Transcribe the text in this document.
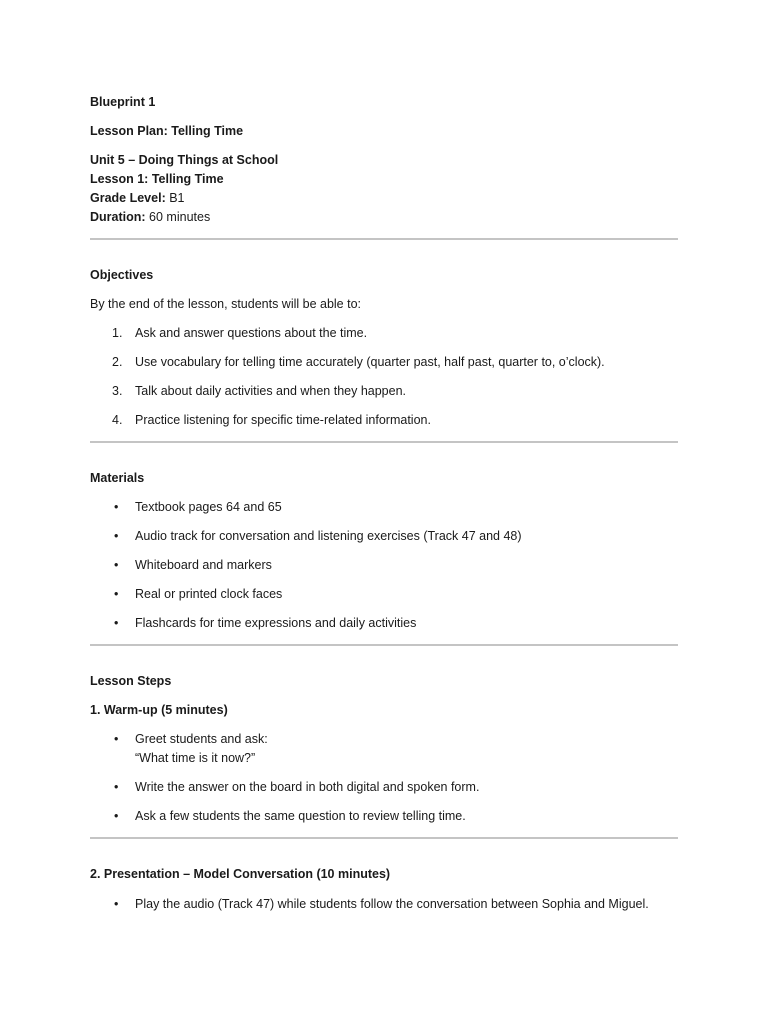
Blueprint 1

Lesson Plan: Telling Time

Unit 5 – Doing Things at School

Lesson 1: Telling Time

Grade Level: B1

Duration: 60 minutes

Objectives

By the end of the lesson, students will be able to:

1. Ask and answer questions about the time.
2. Use vocabulary for telling time accurately (quarter past, half past, quarter to, o’clock).
3. Talk about daily activities and when they happen.
4. Practice listening for specific time-related information.

Materials

• Textbook pages 64 and 65
• Audio track for conversation and listening exercises (Track 47 and 48)
• Whiteboard and markers
• Real or printed clock faces
• Flashcards for time expressions and daily activities

Lesson Steps

1. Warm-up (5 minutes)

• Greet students and ask:
“What time is it now?”
• Write the answer on the board in both digital and spoken form.
• Ask a few students the same question to review telling time.

2. Presentation – Model Conversation (10 minutes)

• Play the audio (Track 47) while students follow the conversation between Sophia and Miguel.
